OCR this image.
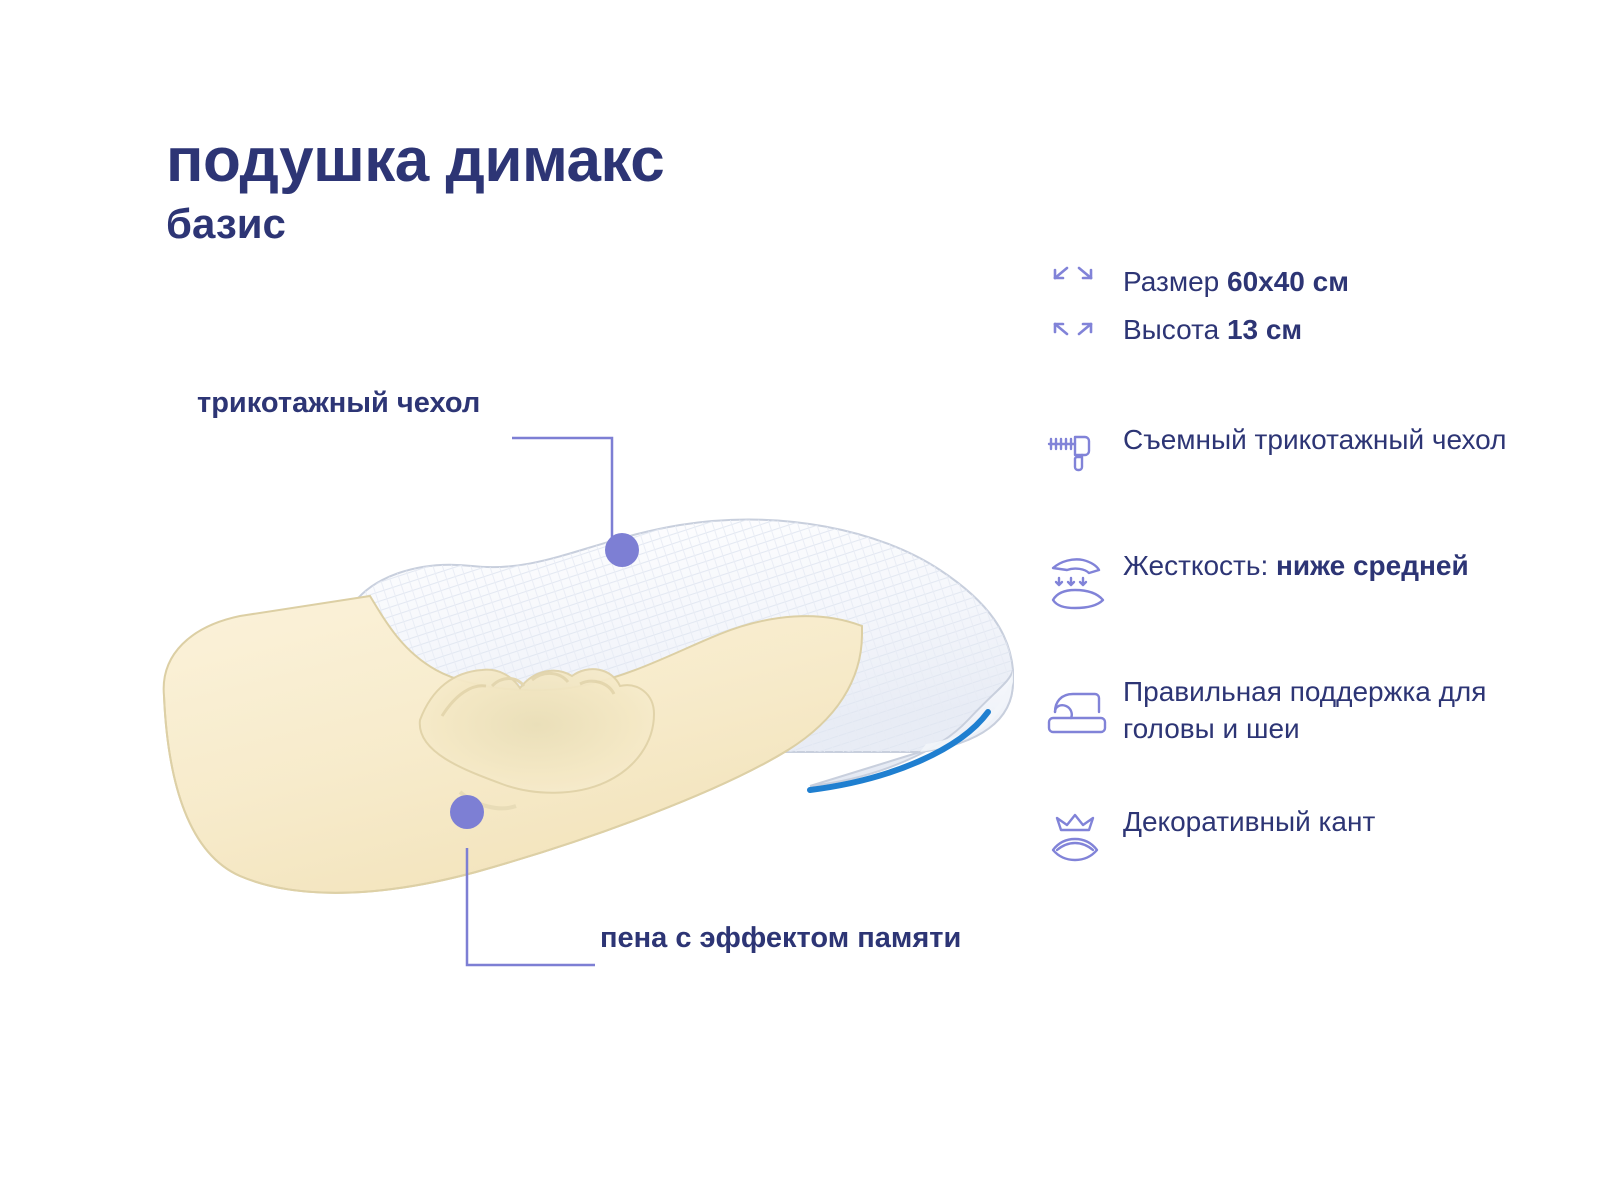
подушка димакс
базис
трикотажный чехол
пена с эффектом памяти
Размер 60х40 см
Высота 13 см
Съемный трикотажный чехол
Жесткость: ниже средней
Правильная поддержка для головы и шеи
Декоративный кант
